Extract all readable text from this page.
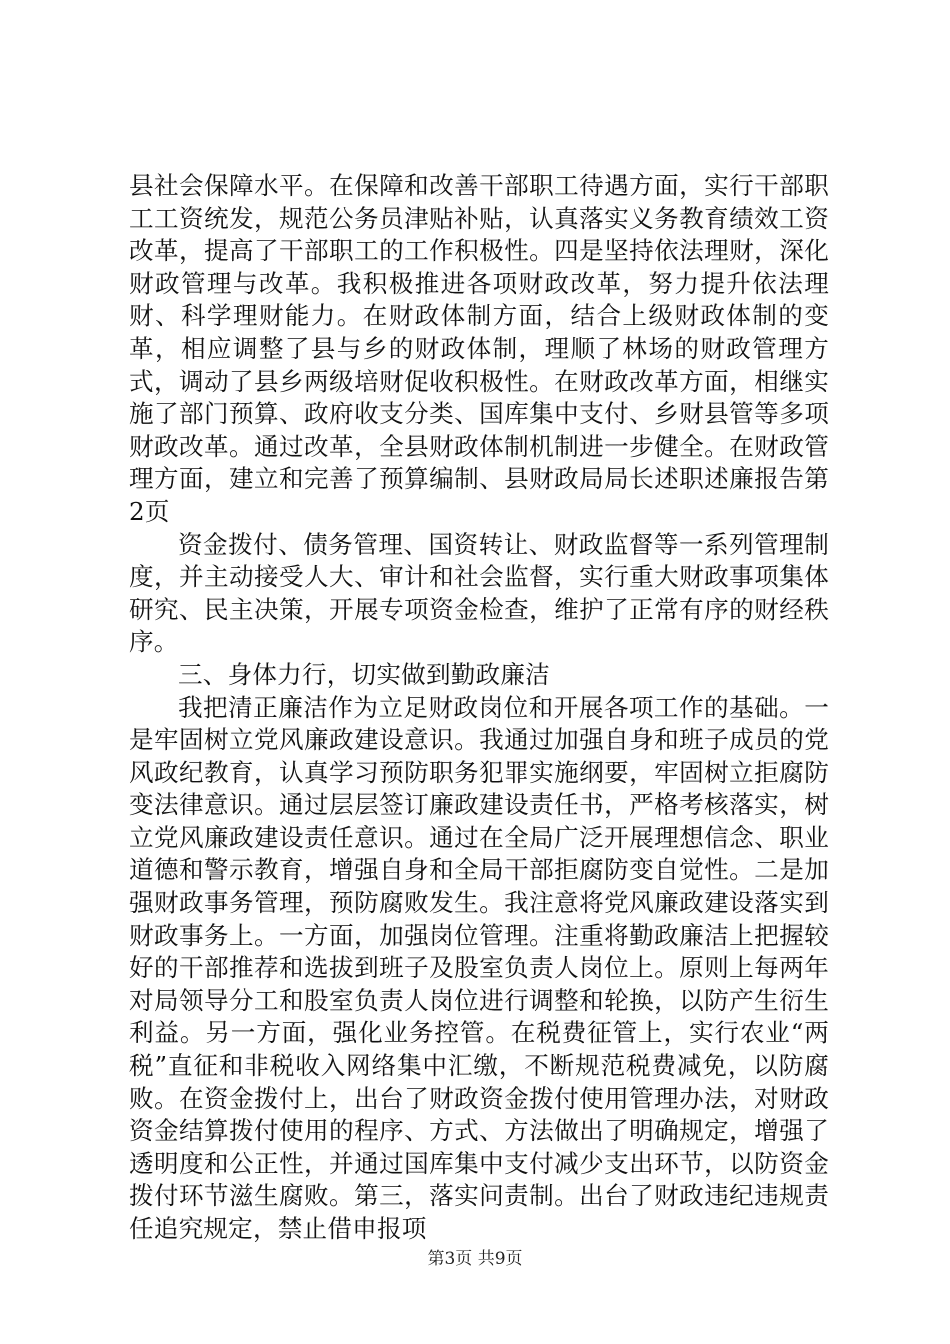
县社会保障水平。在保障和改善干部职工待遇方面，实行干部职工工资统发，规范公务员津贴补贴，认真落实义务教育绩效工资改革，提高了干部职工的工作积极性。四是坚持依法理财，深化财政管理与改革。我积极推进各项财政改革，努力提升依法理财、科学理财能力。在财政体制方面，结合上级财政体制的变革，相应调整了县与乡的财政体制，理顺了林场的财政管理方式，调动了县乡两级培财促收积极性。在财政改革方面，相继实施了部门预算、政府收支分类、国库集中支付、乡财县管等多项财政改革。通过改革，全县财政体制机制进一步健全。在财政管理方面，建立和完善了预算编制、县财政局局长述职述廉报告第2页

资金拨付、债务管理、国资转让、财政监督等一系列管理制度，并主动接受人大、审计和社会监督，实行重大财政事项集体研究、民主决策，开展专项资金检查，维护了正常有序的财经秩序。

三、身体力行，切实做到勤政廉洁

我把清正廉洁作为立足财政岗位和开展各项工作的基础。一是牢固树立党风廉政建设意识。我通过加强自身和班子成员的党风政纪教育，认真学习预防职务犯罪实施纲要，牢固树立拒腐防变法律意识。通过层层签订廉政建设责任书，严格考核落实，树立党风廉政建设责任意识。通过在全局广泛开展理想信念、职业道德和警示教育，增强自身和全局干部拒腐防变自觉性。二是加强财政事务管理，预防腐败发生。我注意将党风廉政建设落实到财政事务上。一方面，加强岗位管理。注重将勤政廉洁上把握较好的干部推荐和选拔到班子及股室负责人岗位上。原则上每两年对局领导分工和股室负责人岗位进行调整和轮换，以防产生衍生利益。另一方面，强化业务控管。在税费征管上，实行农业“两税”直征和非税收入网络集中汇缴，不断规范税费减免，以防腐败。在资金拨付上，出台了财政资金拨付使用管理办法，对财政资金结算拨付使用的程序、方式、方法做出了明确规定，增强了透明度和公正性，并通过国库集中支付减少支出环节，以防资金拨付环节滋生腐败。第三，落实问责制。出台了财政违纪违规责任追究规定，禁止借申报项

第3页 共9页
